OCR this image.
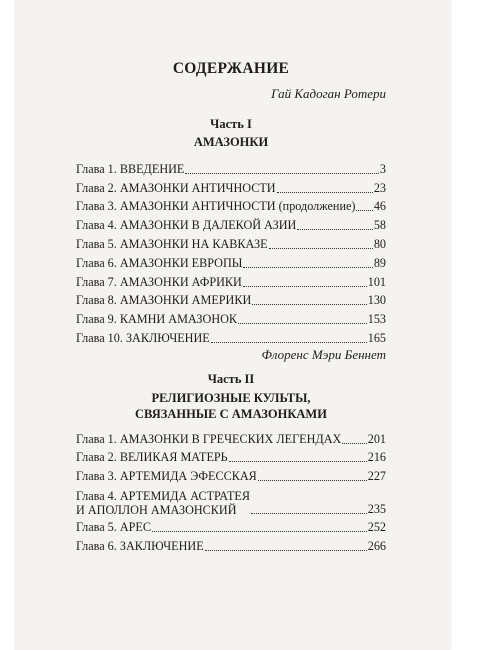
СОДЕРЖАНИЕ
Гай Кадоган Ротери
Часть I
АМАЗОНКИ
Глава 1. ВВЕДЕНИЕ	3
Глава 2. АМАЗОНКИ АНТИЧНОСТИ	23
Глава 3. АМАЗОНКИ АНТИЧНОСТИ (продолжение) 46
Глава 4. АМАЗОНКИ В ДАЛЕКОЙ АЗИИ	58
Глава 5. АМАЗОНКИ НА КАВКАЗЕ	80
Глава 6. АМАЗОНКИ ЕВРОПЫ	89
Глава 7. АМАЗОНКИ АФРИКИ	101
Глава 8. АМАЗОНКИ АМЕРИКИ	130
Глава 9. КАМНИ АМАЗОНОК	153
Глава 10. ЗАКЛЮЧЕНИЕ	165
Флоренс Мэри Беннет
Часть II
РЕЛИГИОЗНЫЕ КУЛЬТЫ,
СВЯЗАННЫЕ С АМАЗОНКАМИ
Глава 1. АМАЗОНКИ В ГРЕЧЕСКИХ ЛЕГЕНДАХ 201
Глава 2. ВЕЛИКАЯ МАТЕРЬ	216
Глава 3. АРТЕМИДА ЭФЕССКАЯ	227
Глава 4. АРТЕМИДА АСТРАТЕЯ
И АПОЛЛОН АМАЗОНСКИЙ	235
Глава 5. АРЕС	252
Глава 6. ЗАКЛЮЧЕНИЕ	266
